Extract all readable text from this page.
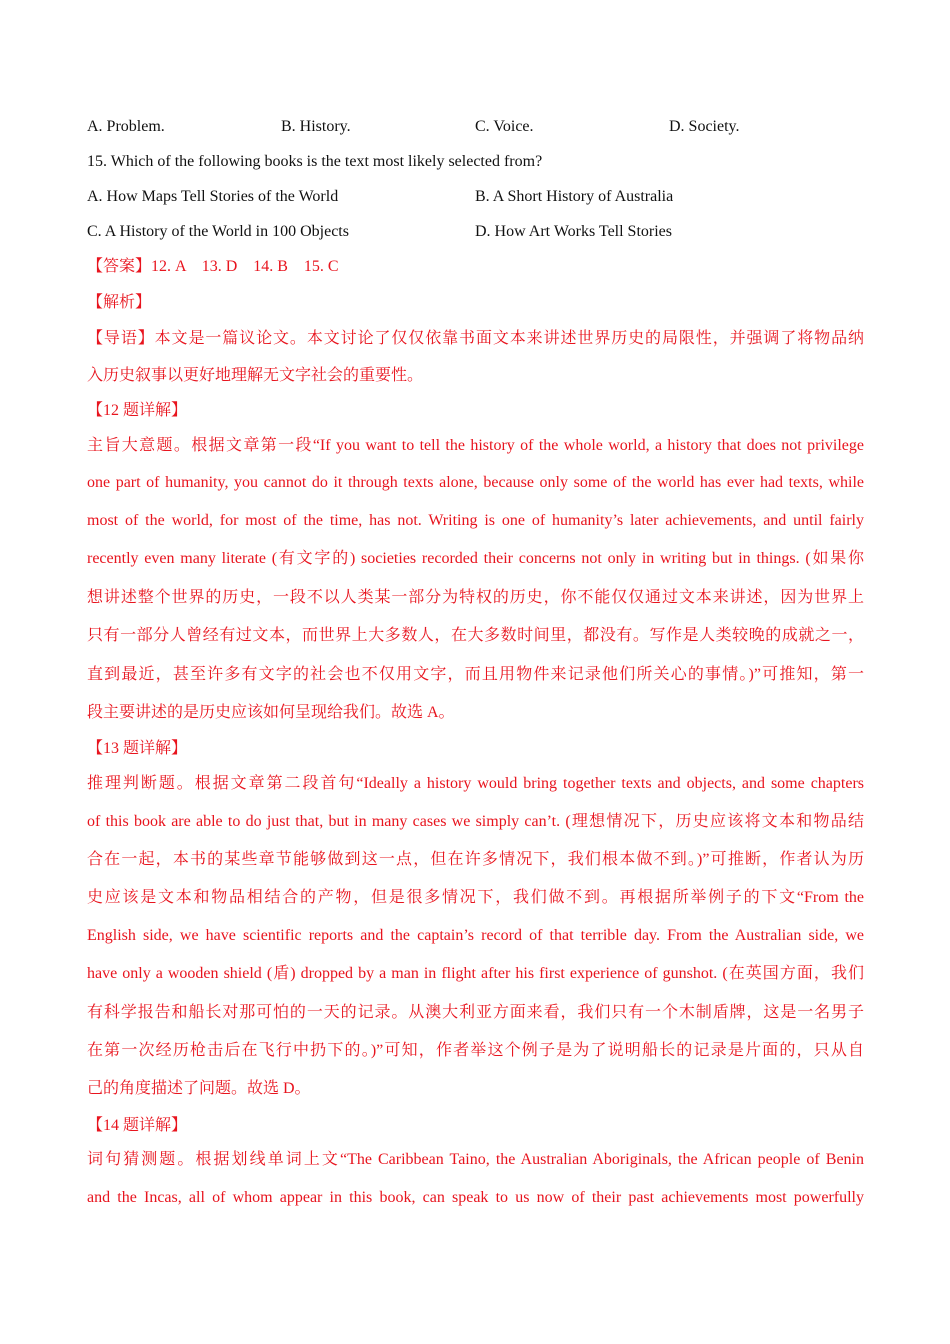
A. Problem.	B. History.	C. Voice.	D. Society.
15. Which of the following books is the text most likely selected from?
A. How Maps Tell Stories of the World	B. A Short History of Australia
C. A History of the World in 100 Objects	D. How Art Works Tell Stories
【答案】12. A    13. D    14. B    15. C
【解析】
【导语】本文是一篇议论文。本文讨论了仅仅依靠书面文本来讲述世界历史的局限性，并强调了将物品纳
入历史叙事以更好地理解无文字社会的重要性。
【12 题详解】
主旨大意题。根据文章第一段“If you want to tell the history of the whole world, a history that does not privilege
one part of humanity, you cannot do it through texts alone, because only some of the world has ever had texts, while
most of the world, for most of the time, has not. Writing is one of humanity’s later achievements, and until fairly
recently even many literate (有文字的) societies recorded their concerns not only in writing but in things. (如果你
想讲述整个世界的历史，一段不以人类某一部分为特权的历史，你不能仅仅通过文本来讲述，因为世界上
只有一部分人曾经有过文本，而世界上大多数人，在大多数时间里，都没有。写作是人类较晚的成就之一，
直到最近，甚至许多有文字的社会也不仅用文字，而且用物件来记录他们所关心的事情。)”可推知，第一
段主要讲述的是历史应该如何呈现给我们。故选 A。
【13 题详解】
推理判断题。根据文章第二段首句“Ideally a history would bring together texts and objects, and some chapters
of this book are able to do just that, but in many cases we simply can’t. (理想情况下，历史应该将文本和物品结
合在一起，本书的某些章节能够做到这一点，但在许多情况下，我们根本做不到。)”可推断，作者认为历
史应该是文本和物品相结合的产物，但是很多情况下，我们做不到。再根据所举例子的下文“From the
English side, we have scientific reports and the captain’s record of that terrible day. From the Australian side, we
have only a wooden shield (盾) dropped by a man in flight after his first experience of gunshot. (在英国方面，我们
有科学报告和船长对那可怕的一天的记录。从澳大利亚方面来看，我们只有一个木制盾牌，这是一名男子
在第一次经历枪击后在飞行中扔下的。)”可知，作者举这个例子是为了说明船长的记录是片面的，只从自
己的角度描述了问题。故选 D。
【14 题详解】
词句猜测题。根据划线单词上文“The Caribbean Taino, the Australian Aboriginals, the African people of Benin
and the Incas, all of whom appear in this book, can speak to us now of their past achievements most powerfully
